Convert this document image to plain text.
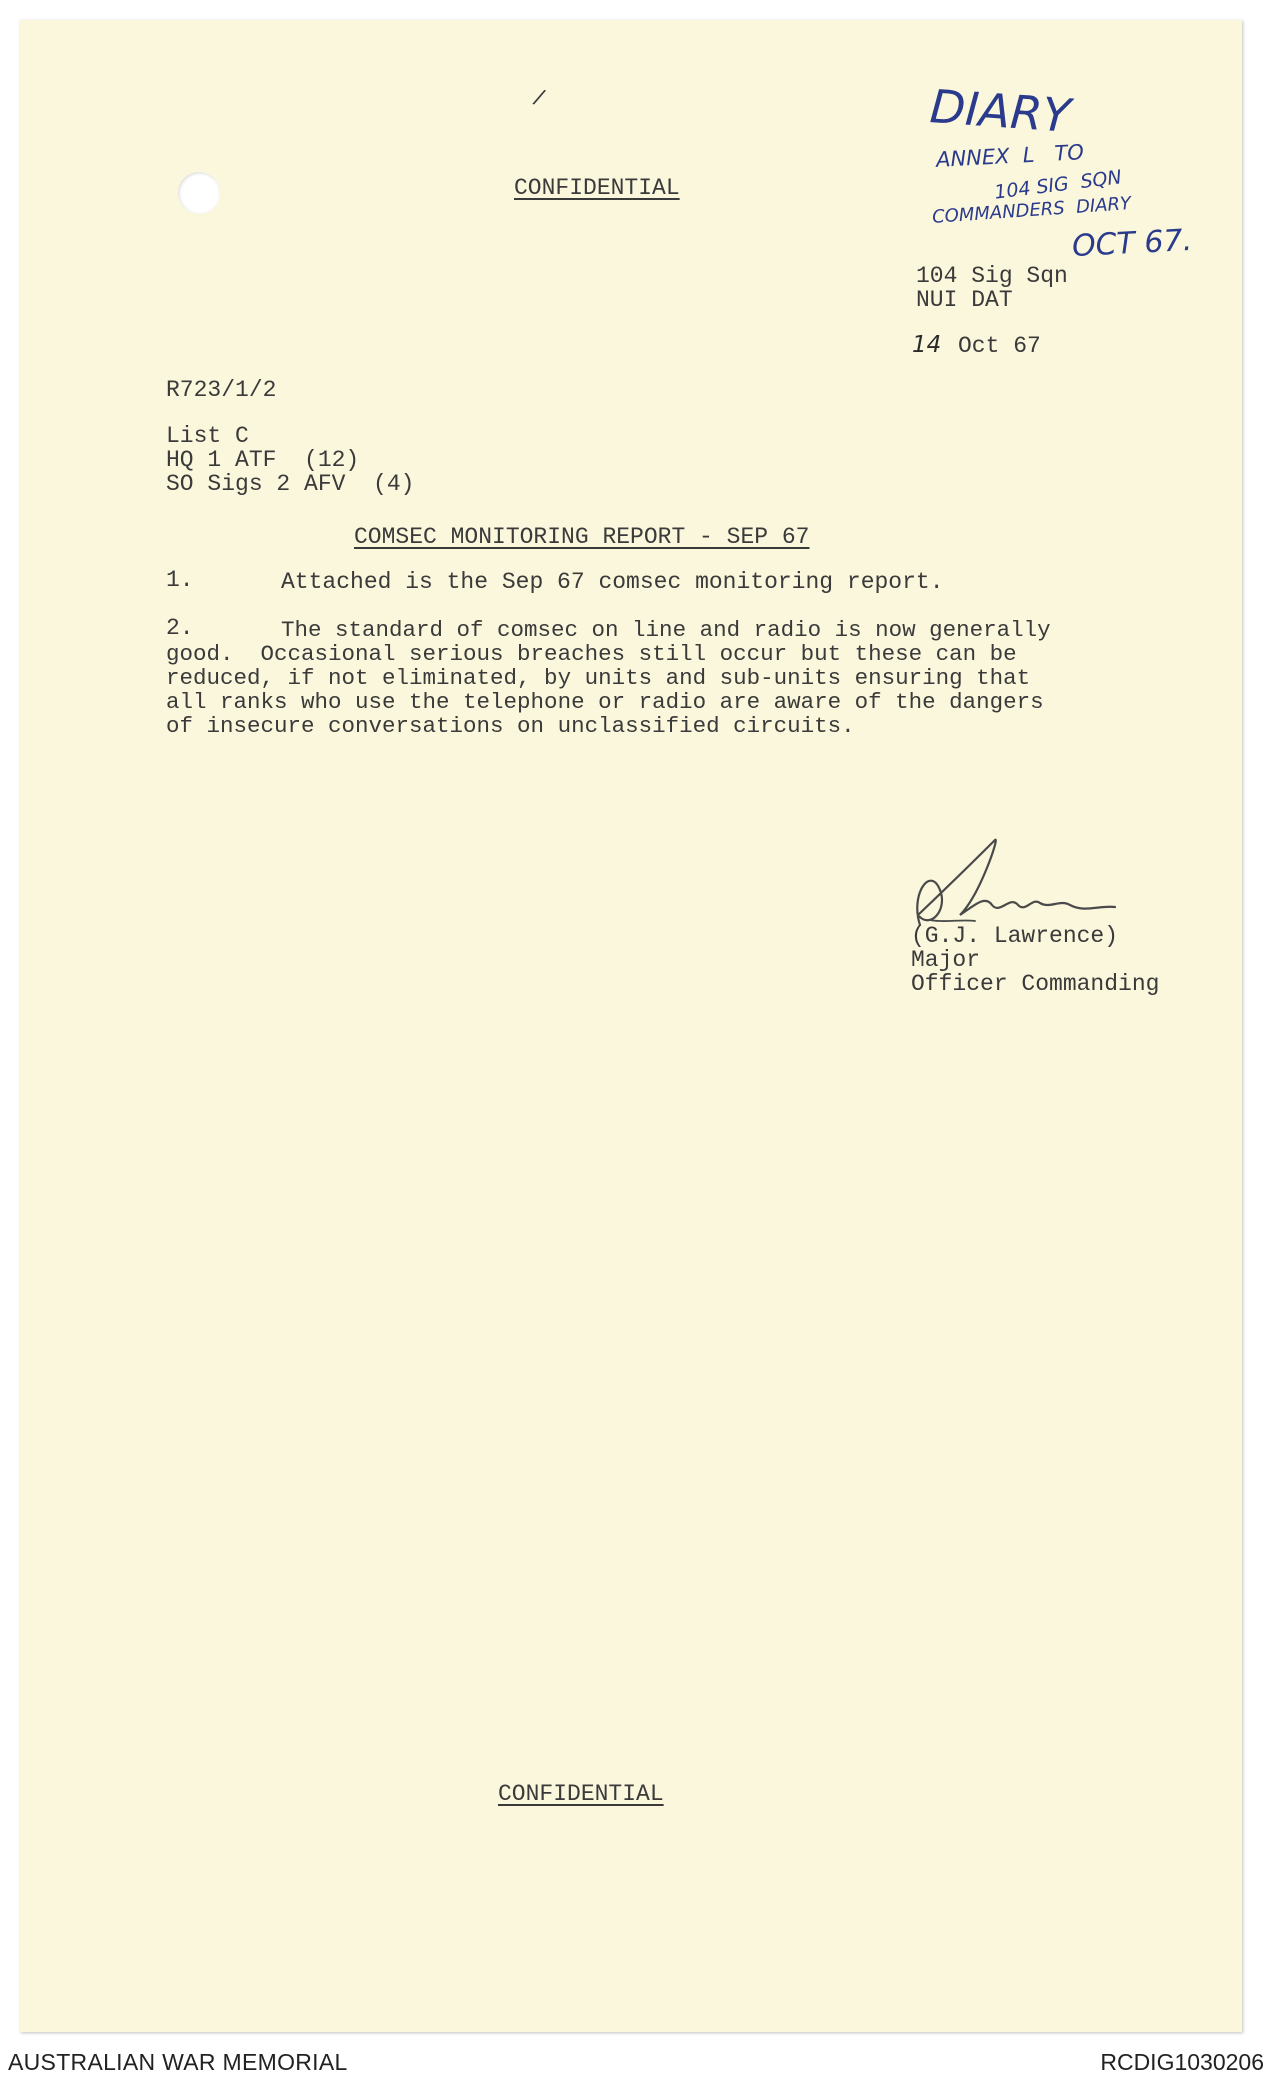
/
CONFIDENTIAL
DIARY
ANNEX  L   TO
104 SIG  SQN
COMMANDERS  DIARY
OCT 67.
104 Sig Sqn
NUI DAT
14 Oct 67
R723/1/2
List C
HQ 1 ATF  (12)
SO Sigs 2 AFV  (4)
COMSEC MONITORING REPORT - SEP 67
1.	Attached is the Sep 67 comsec monitoring report.
2.	The standard of comsec on line and radio is now generally
good.  Occasional serious breaches still occur but these can be
reduced, if not eliminated, by units and sub-units ensuring that
all ranks who use the telephone or radio are aware of the dangers
of insecure conversations on unclassified circuits.
(G.J. Lawrence)
Major
Officer Commanding
CONFIDENTIAL
AUSTRALIAN WAR MEMORIAL	RCDIG1030206
